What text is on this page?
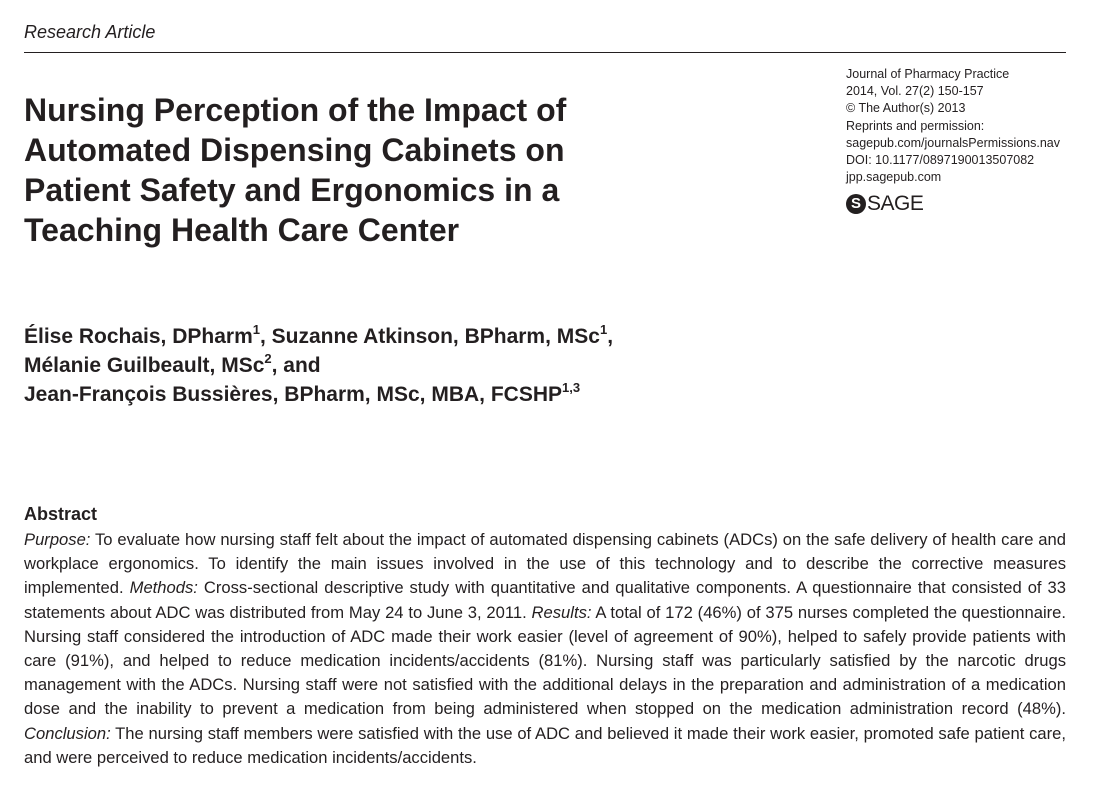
Research Article
Nursing Perception of the Impact of
Automated Dispensing Cabinets on
Patient Safety and Ergonomics in a
Teaching Health Care Center
Journal of Pharmacy Practice
2014, Vol. 27(2) 150-157
© The Author(s) 2013
Reprints and permission:
sagepub.com/journalsPermissions.nav
DOI: 10.1177/0897190013507082
jpp.sagepub.com
S SAGE
Élise Rochais, DPharm$^1$, Suzanne Atkinson, BPharm, MSc$^1$,
Mélanie Guilbeault, MSc$^2$, and
Jean-François Bussières, BPharm, MSc, MBA, FCSHP$^{1,3}$
Abstract

Purpose: To evaluate how nursing staff felt about the impact of automated dispensing cabinets (ADCs) on the safe delivery of health care and workplace ergonomics. To identify the main issues involved in the use of this technology and to describe the corrective measures implemented. Methods: Cross-sectional descriptive study with quantitative and qualitative components. A questionnaire that consisted of 33 statements about ADC was distributed from May 24 to June 3, 2011. Results: A total of 172 (46%) of 375 nurses completed the questionnaire. Nursing staff considered the introduction of ADC made their work easier (level of agreement of 90%), helped to safely provide patients with care (91%), and helped to reduce medication incidents/accidents (81%). Nursing staff was particularly satisfied by the narcotic drugs management with the ADCs. Nursing staff were not satisfied with the additional delays in the preparation and administration of a medication dose and the inability to prevent a medication from being administered when stopped on the medication administration record (48%). Conclusion: The nursing staff members were satisfied with the use of ADC and believed it made their work easier, promoted safe patient care, and were perceived to reduce medication incidents/accidents.
